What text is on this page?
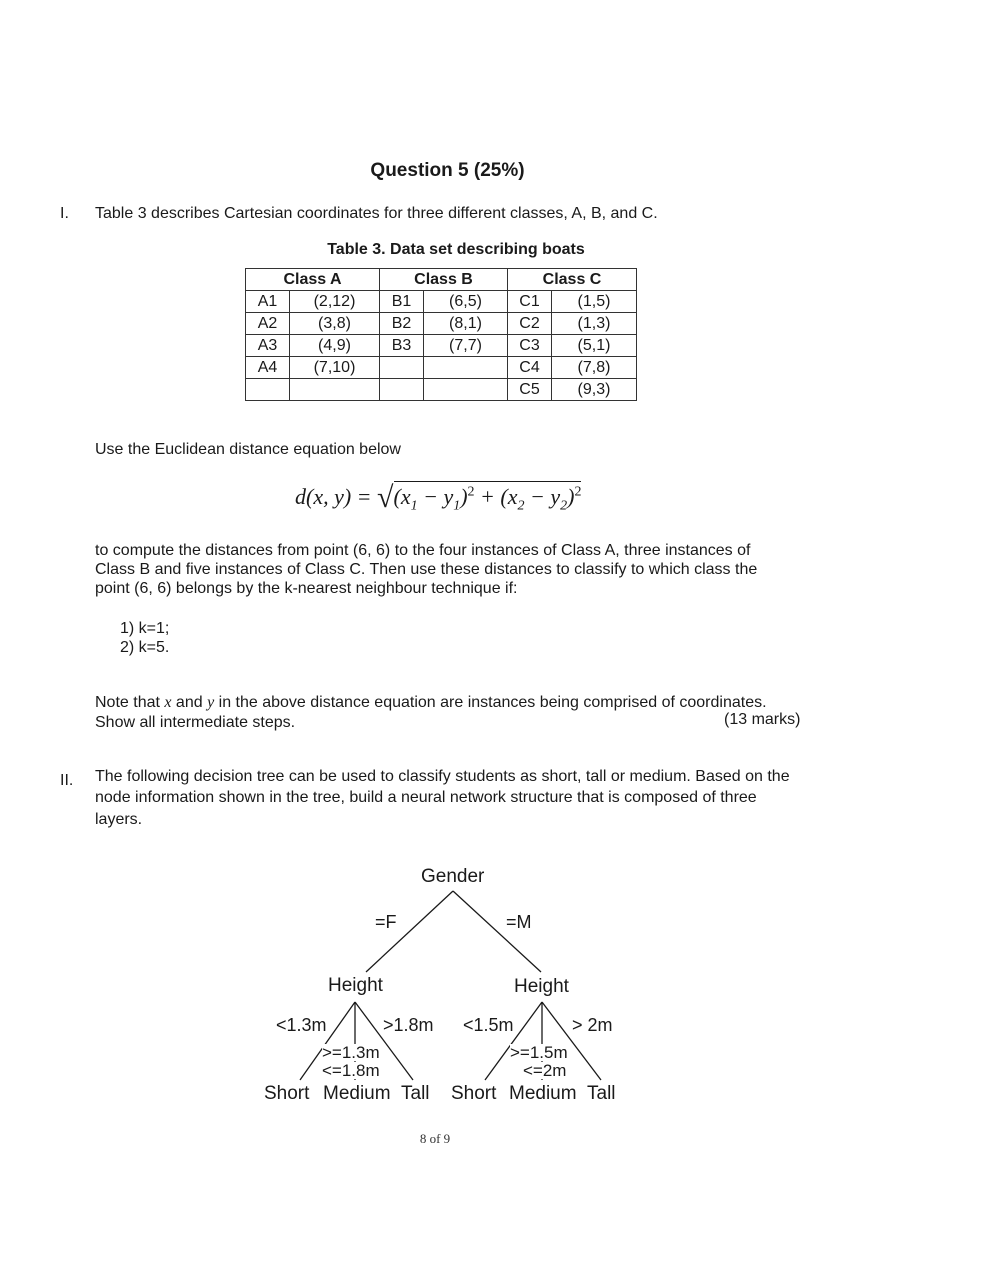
Question 5 (25%)
I. Table 3 describes Cartesian coordinates for three different classes, A, B, and C.
Table 3. Data set describing boats
Class A		Class B		Class C	
A1	(2,12)	B1	(6,5)	C1	(1,5)
A2	(3,8)	B2	(8,1)	C2	(1,3)
A3	(4,9)	B3	(7,7)	C3	(5,1)
A4	(7,10)			C4	(7,8)
				C5	(9,3)
Use the Euclidean distance equation below
d(x, $y) = √(x_1 - y_1)^2 + (x_2 - y_2)^2$
to compute the distances from point (6, 6) to the four instances of Class A, three instances of
Class B and five instances of Class C. Then use these distances to classify to which class the
point (6, 6) belongs by the k-nearest neighbour technique if:
1) k=1;
2) k=5.
Note that x and y in the above distance equation are instances being comprised of coordinates.
Show all intermediate steps.	(13 marks)
II. The following decision tree can be used to classify students as short, tall or medium. Based on the
node information shown in the tree, build a neural network structure that is composed of three
layers.
Gender
=F	=M
Height	Height
<1.3m	>1.8m
>=1.3m
<=1.8m
<1.5m	> 2m
>=1.5m
<=2m
Short Medium Tall Short Medium Tall
8 of 9
